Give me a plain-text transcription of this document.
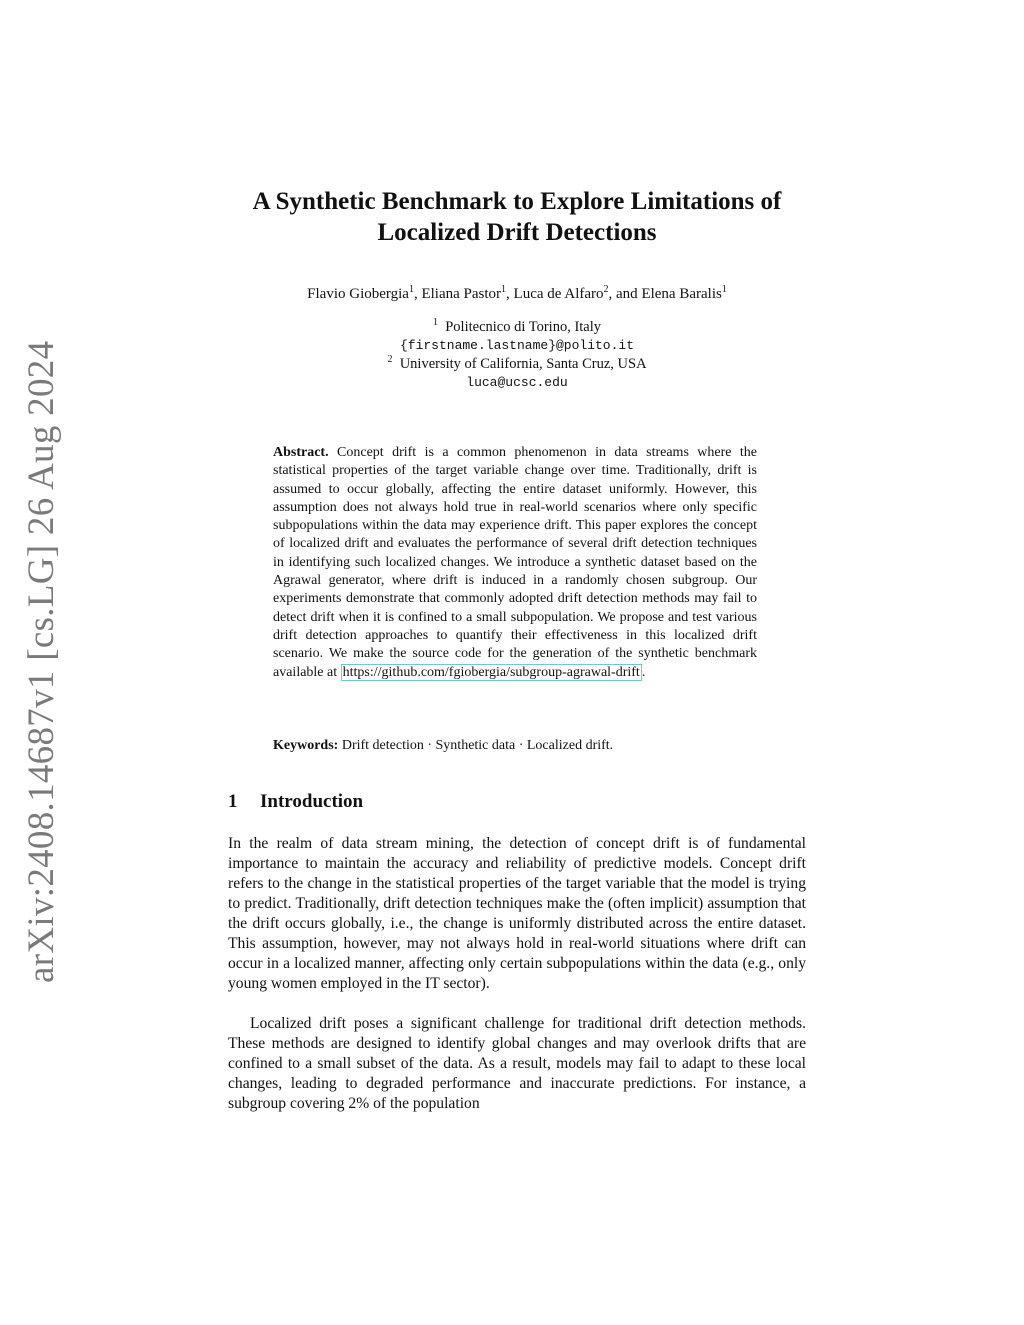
arXiv:2408.14687v1 [cs.LG] 26 Aug 2024
A Synthetic Benchmark to Explore Limitations of
Localized Drift Detections
Flavio Giobergia$^1$, Eliana Pastor$^1$, Luca de Alfaro$^2$, and Elena Baralis$^1$
$^1$ Politecnico di Torino, Italy
{firstname.lastname}@polito.it
$^2$ University of California, Santa Cruz, USA
luca@ucsc.edu

Abstract. Concept drift is a common phenomenon in data streams where the statistical properties of the target variable change over time. Traditionally, drift is assumed to occur globally, affecting the entire dataset uniformly. However, this assumption does not always hold true in real-world scenarios where only specific subpopulations within the data may experience drift. This paper explores the concept of localized drift and evaluates the performance of several drift detection techniques in identifying such localized changes. We introduce a synthetic dataset based on the Agrawal generator, where drift is induced in a randomly chosen subgroup. Our experiments demonstrate that commonly adopted drift detection methods may fail to detect drift when it is confined to a small subpopulation. We propose and test various drift detection approaches to quantify their effectiveness in this localized drift scenario. We make the source code for the generation of the synthetic benchmark available at https://github.com/fgiobergia/subgroup-agrawal-drift .

Keywords: Drift detection · Synthetic data · Localized drift.

1 Introduction

In the realm of data stream mining, the detection of concept drift is of fundamental importance to maintain the accuracy and reliability of predictive models. Concept drift refers to the change in the statistical properties of the target variable that the model is trying to predict. Traditionally, drift detection techniques make the (often implicit) assumption that the drift occurs globally, i.e., the change is uniformly distributed across the entire dataset. This assumption, however, may not always hold in real-world situations where drift can occur in a localized manner, affecting only certain subpopulations within the data (e.g., only young women employed in the IT sector).

Localized drift poses a significant challenge for traditional drift detection methods. These methods are designed to identify global changes and may overlook drifts that are confined to a small subset of the data. As a result, models may fail to adapt to these local changes, leading to degraded performance and inaccurate predictions. For instance, a subgroup covering 2% of the population
